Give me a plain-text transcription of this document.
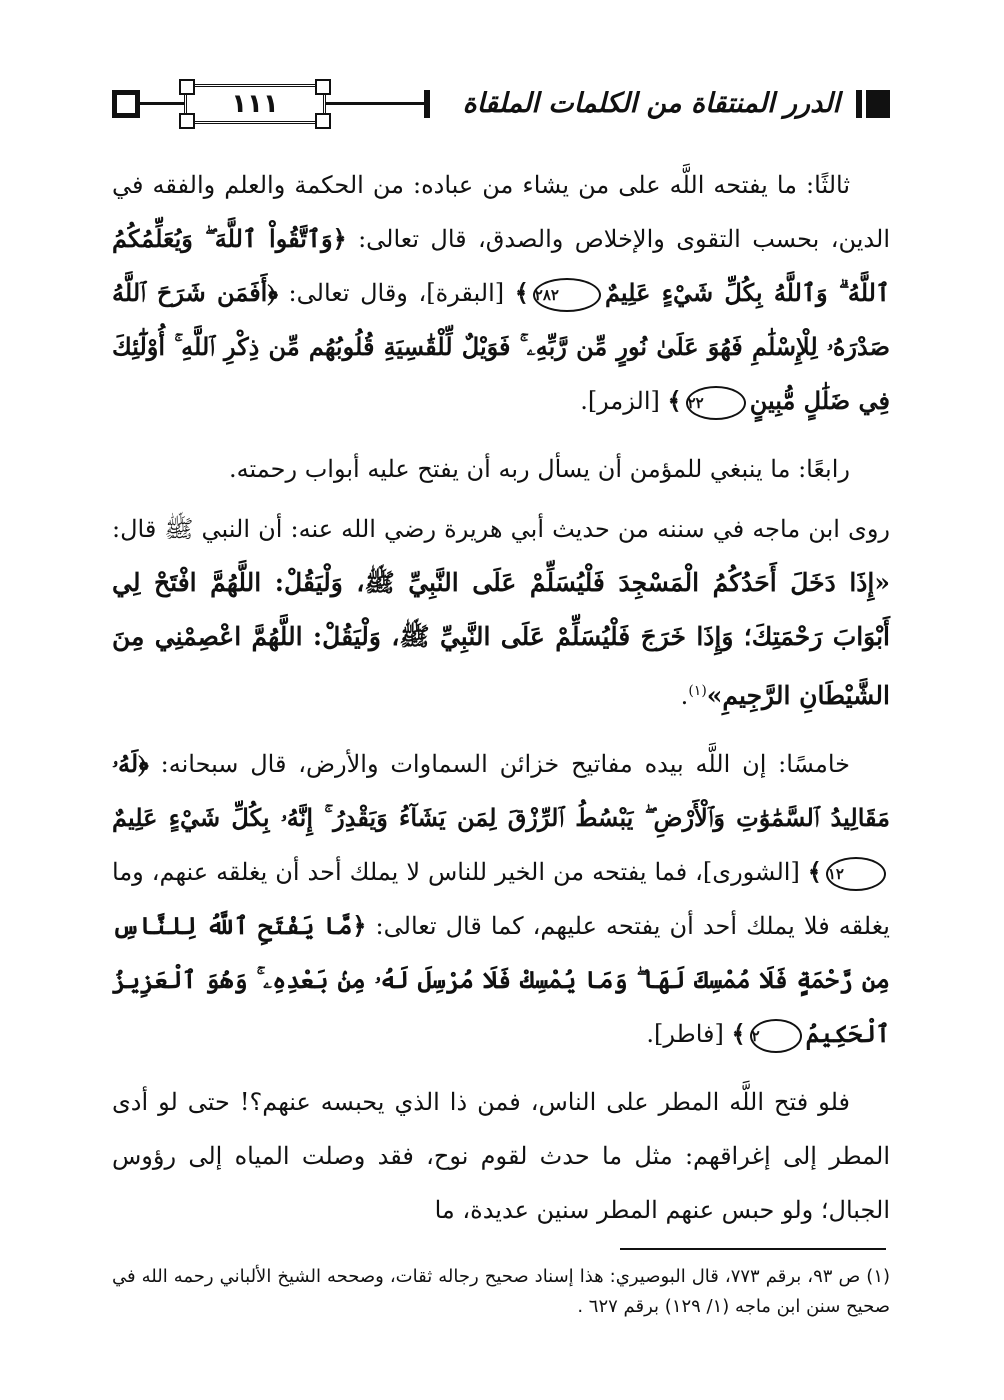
١١١	الدرر المنتقاة من الكلمات الملقاة

ثالثًا: ما يفتحه اللَّه على من يشاء من عباده: من الحكمة والعلم والفقه في الدين، بحسب التقوى والإخلاص والصدق، قال تعالى: ﴿وَٱتَّقُواْ ٱللَّهَ ۖ وَيُعَلِّمُكُمُ ٱللَّهُ ۗ وَٱللَّهُ بِكُلِّ شَيْءٍ عَلِيمٌ٢٨٢﴾ [البقرة]، وقال تعالى: ﴿أَفَمَن شَرَحَ ٱللَّهُ صَدْرَهُۥ لِلْإِسْلَٰمِ فَهُوَ عَلَىٰ نُورٍ مِّن رَّبِّهِۦ ۚ فَوَيْلٌ لِّلْقَٰسِيَةِ قُلُوبُهُم مِّن ذِكْرِ ٱللَّهِ ۚ أُوْلَٰٓئِكَ فِي ضَلَٰلٍ مُّبِينٍ٢٢﴾ [الزمر].

رابعًا: ما ينبغي للمؤمن أن يسأل ربه أن يفتح عليه أبواب رحمته.

روى ابن ماجه في سننه من حديث أبي هريرة رضي الله عنه: أن النبي ﷺ قال: «إِذَا دَخَلَ أَحَدُكُمُ الْمَسْجِدَ فَلْيُسَلِّمْ عَلَى النَّبِيِّ ﷺ، وَلْيَقُلْ: اللَّهُمَّ افْتَحْ لِي أَبْوَابَ رَحْمَتِكَ؛ وَإِذَا خَرَجَ فَلْيُسَلِّمْ عَلَى النَّبِيِّ ﷺ، وَلْيَقُلْ: اللَّهُمَّ اعْصِمْنِي مِنَ الشَّيْطَانِ الرَّجِيمِ»$^{(١)}$.

خامسًا: إن اللَّه بيده مفاتيح خزائن السماوات والأرض، قال سبحانه: ﴿لَهُۥ مَقَالِيدُ ٱلسَّمَٰوَٰتِ وَٱلْأَرْضِ ۖ يَبْسُطُ ٱلرِّزْقَ لِمَن يَشَآءُ وَيَقْدِرُ ۚ إِنَّهُۥ بِكُلِّ شَيْءٍ عَلِيمٌ١٢﴾ [الشورى]، فما يفتحه من الخير للناس لا يملك أحد أن يغلقه عنهم، وما يغلقه فلا يملك أحد أن يفتحه عليهم، كما قال تعالى: ﴿مَّا يَفْتَحِ ٱللَّهُ لِلنَّاسِ مِن رَّحْمَةٍ فَلَا مُمْسِكَ لَهَا ۖ وَمَا يُمْسِكْ فَلَا مُرْسِلَ لَهُۥ مِنۢ بَعْدِهِۦ ۚ وَهُوَ ٱلْعَزِيزُ ٱلْحَكِيمُ٢﴾ [فاطر].

فلو فتح اللَّه المطر على الناس، فمن ذا الذي يحبسه عنهم؟! حتى لو أدى المطر إلى إغراقهم: مثل ما حدث لقوم نوح، فقد وصلت المياه إلى رؤوس الجبال؛ ولو حبس عنهم المطر سنين عديدة، ما

(١) ص ٩٣، برقم ٧٧٣، قال البوصيري: هذا إسناد صحيح رجاله ثقات، وصححه الشيخ الألباني رحمه الله في صحيح سنن ابن ماجه (١/ ١٢٩) برقم ٦٢٧ .
